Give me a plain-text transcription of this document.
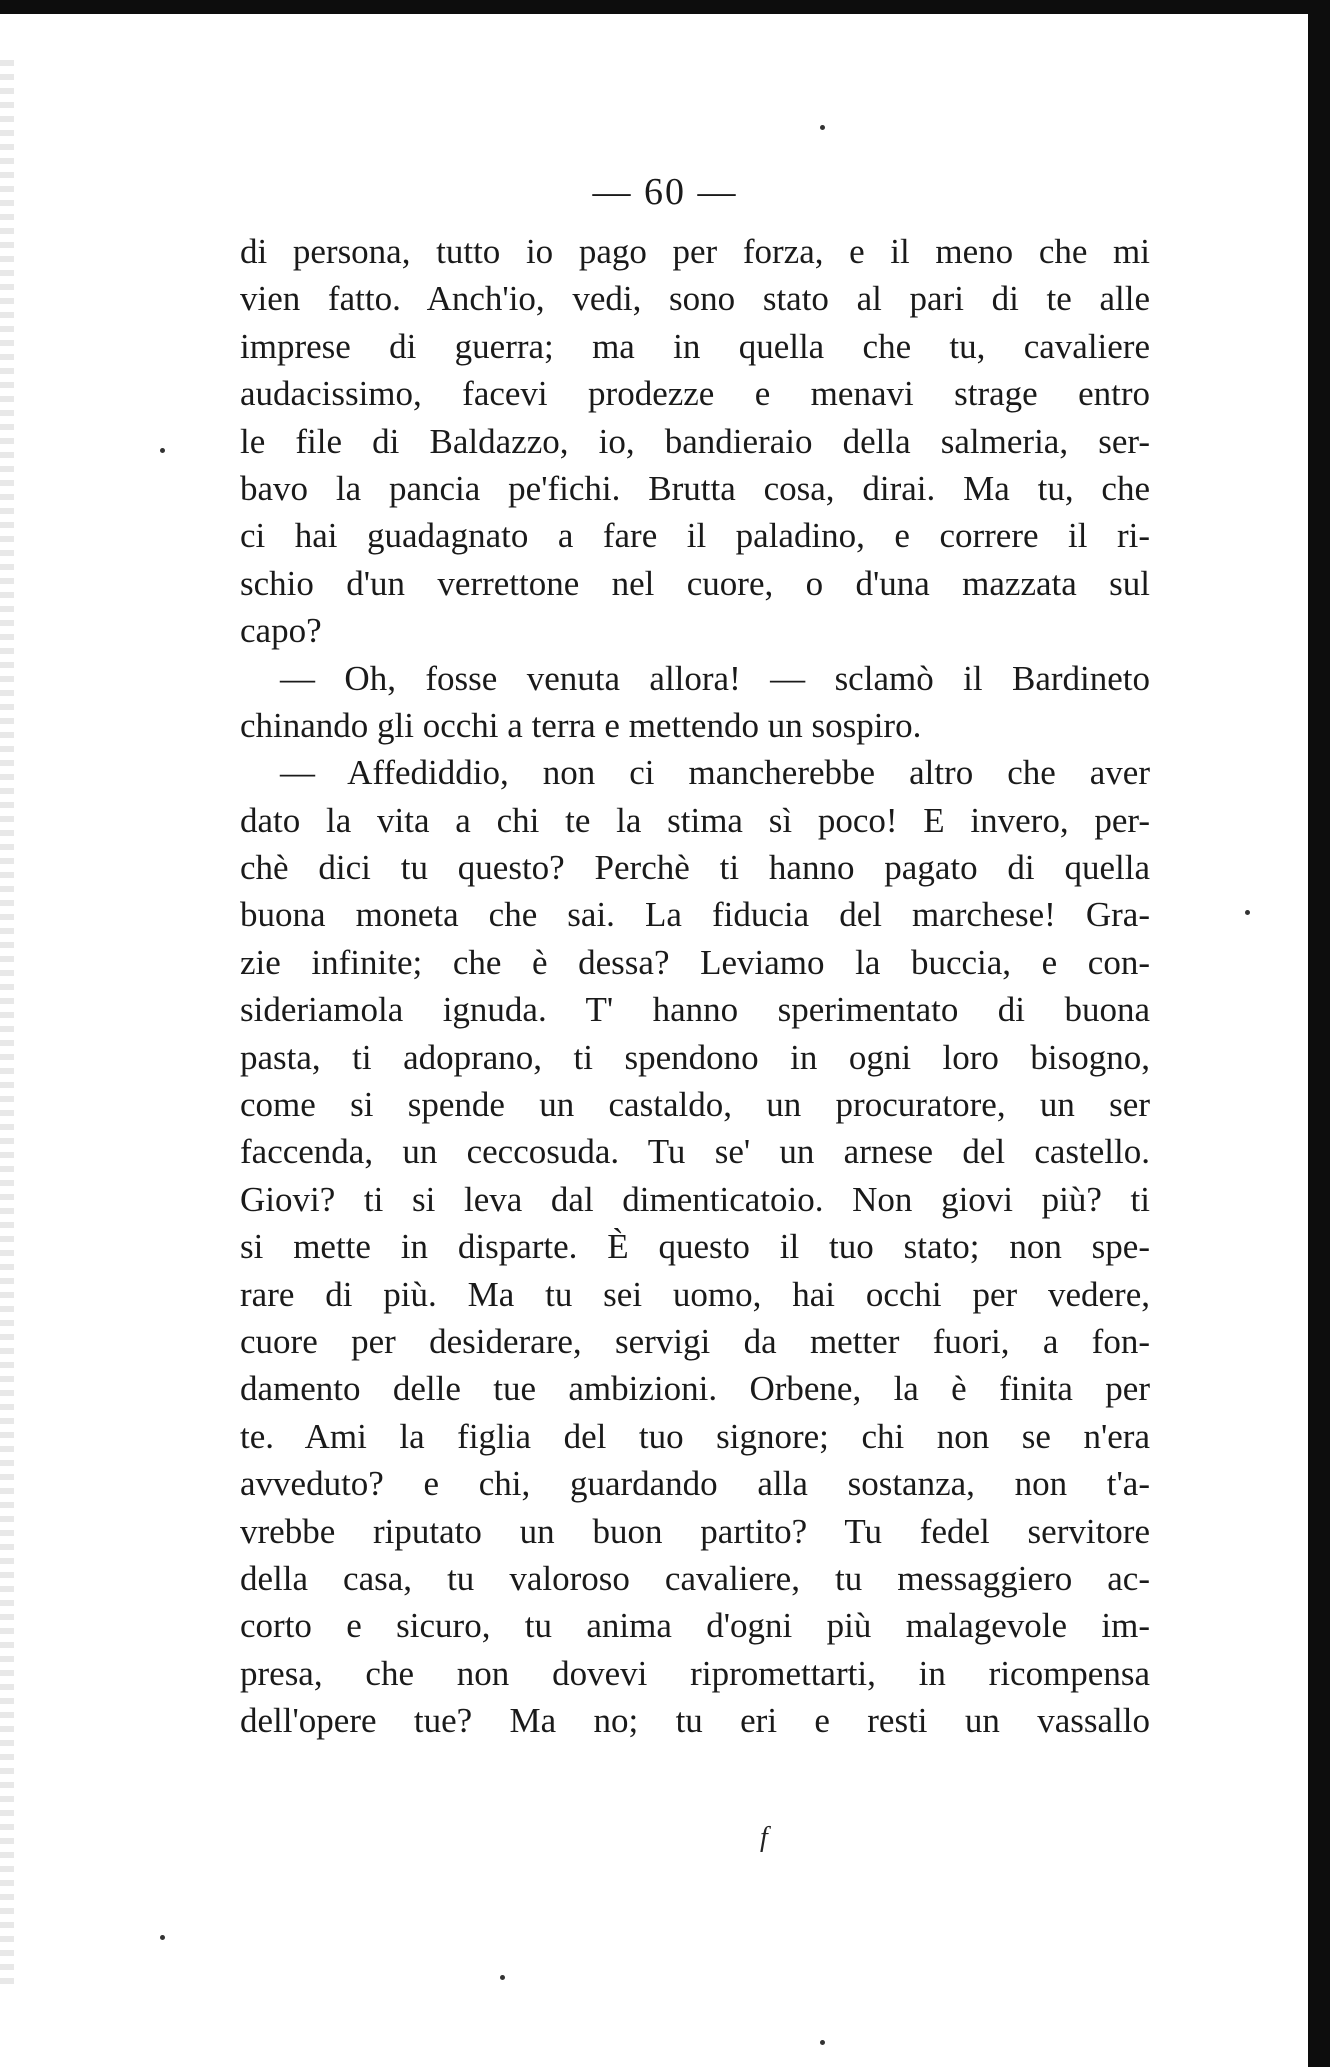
— 60 —
di persona, tutto io pago per forza, e il meno che mi
vien fatto. Anch'io, vedi, sono stato al pari di te alle
imprese di guerra; ma in quella che tu, cavaliere
audacissimo, facevi prodezze e menavi strage entro
le file di Baldazzo, io, bandieraio della salmeria, ser-
bavo la pancia pe'fichi. Brutta cosa, dirai. Ma tu, che
ci hai guadagnato a fare il paladino, e correre il ri-
schio d'un verrettone nel cuore, o d'una mazzata sul
capo?
— Oh, fosse venuta allora! — sclamò il Bardineto
chinando gli occhi a terra e mettendo un sospiro.
— Affediddio, non ci mancherebbe altro che aver
dato la vita a chi te la stima sì poco! E invero, per-
chè dici tu questo? Perchè ti hanno pagato di quella
buona moneta che sai. La fiducia del marchese! Gra-
zie infinite; che è dessa? Leviamo la buccia, e con-
sideriamola ignuda. T' hanno sperimentato di buona
pasta, ti adoprano, ti spendono in ogni loro bisogno,
come si spende un castaldo, un procuratore, un ser
faccenda, un ceccosuda. Tu se' un arnese del castello.
Giovi? ti si leva dal dimenticatoio. Non giovi più? ti
si mette in disparte. È questo il tuo stato; non spe-
rare di più. Ma tu sei uomo, hai occhi per vedere,
cuore per desiderare, servigi da metter fuori, a fon-
damento delle tue ambizioni. Orbene, la è finita per
te. Ami la figlia del tuo signore; chi non se n'era
avveduto? e chi, guardando alla sostanza, non t'a-
vrebbe riputato un buon partito? Tu fedel servitore
della casa, tu valoroso cavaliere, tu messaggiero ac-
corto e sicuro, tu anima d'ogni più malagevole im-
presa, che non dovevi ripromettarti, in ricompensa
dell'opere tue? Ma no; tu eri e resti un vassallo
f
